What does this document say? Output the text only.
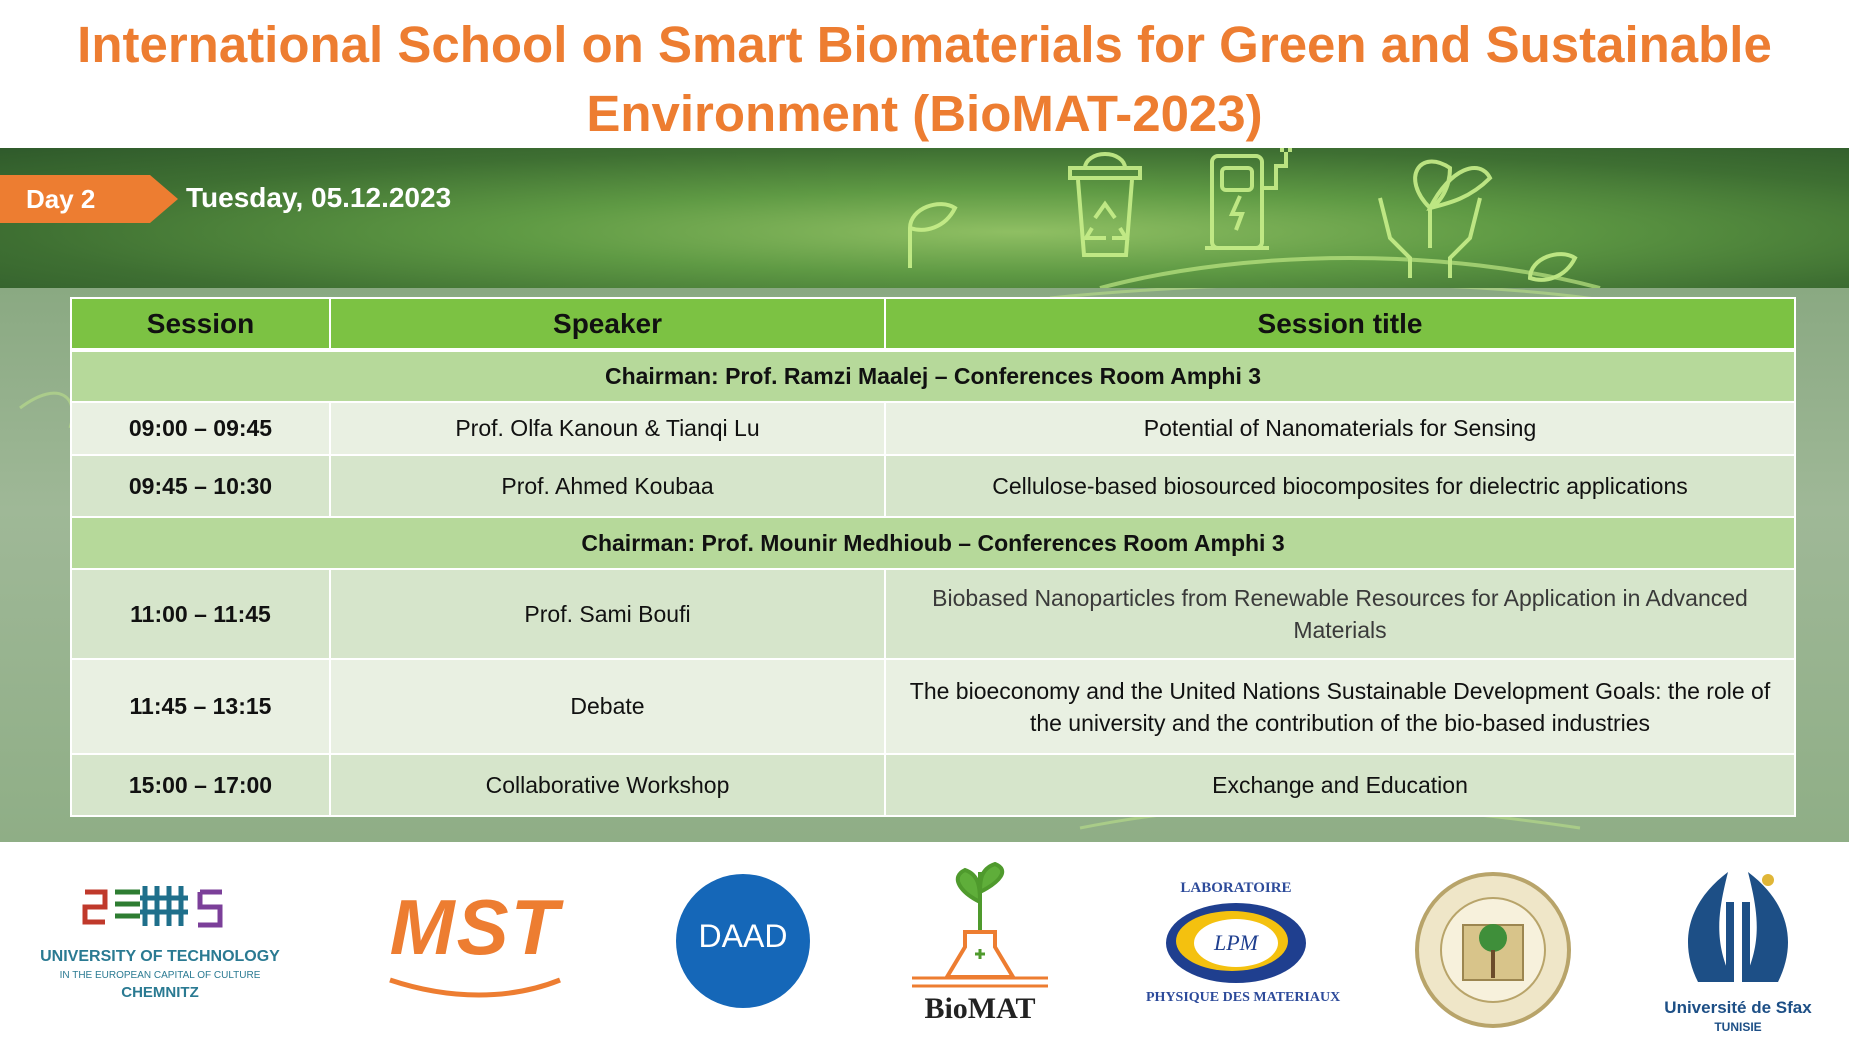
International School on Smart Biomaterials for Green and Sustainable
Environment (BioMAT-2023)
Day 2	Tuesday, 05.12.2023
Session	Speaker	Session title
Chairman: Prof. Ramzi Maalej – Conferences Room Amphi 3		
09:00 – 09:45	Prof. Olfa Kanoun & Tianqi Lu	Potential of Nanomaterials for Sensing
09:45 – 10:30	Prof. Ahmed Koubaa	Cellulose-based biosourced biocomposites for dielectric applications
Chairman: Prof. Mounir Medhioub – Conferences Room Amphi 3		
11:00 – 11:45	Prof. Sami Boufi	Biobased Nanoparticles from Renewable Resources for Application in Advanced Materials
11:45 – 13:15	Debate	The bioeconomy and the United Nations Sustainable Development Goals: the role of the university and the contribution of the bio-based industries
15:00 – 17:00	Collaborative Workshop	Exchange and Education
UNIVERSITY OF TECHNOLOGY
IN THE EUROPEAN CAPITAL OF CULTURE
CHEMNITZ
MST	DAAD
BioMAT
LABORATOIRE
LPM
PHYSIQUE DES MATERIAUX
Université de Sfax
TUNISIE
